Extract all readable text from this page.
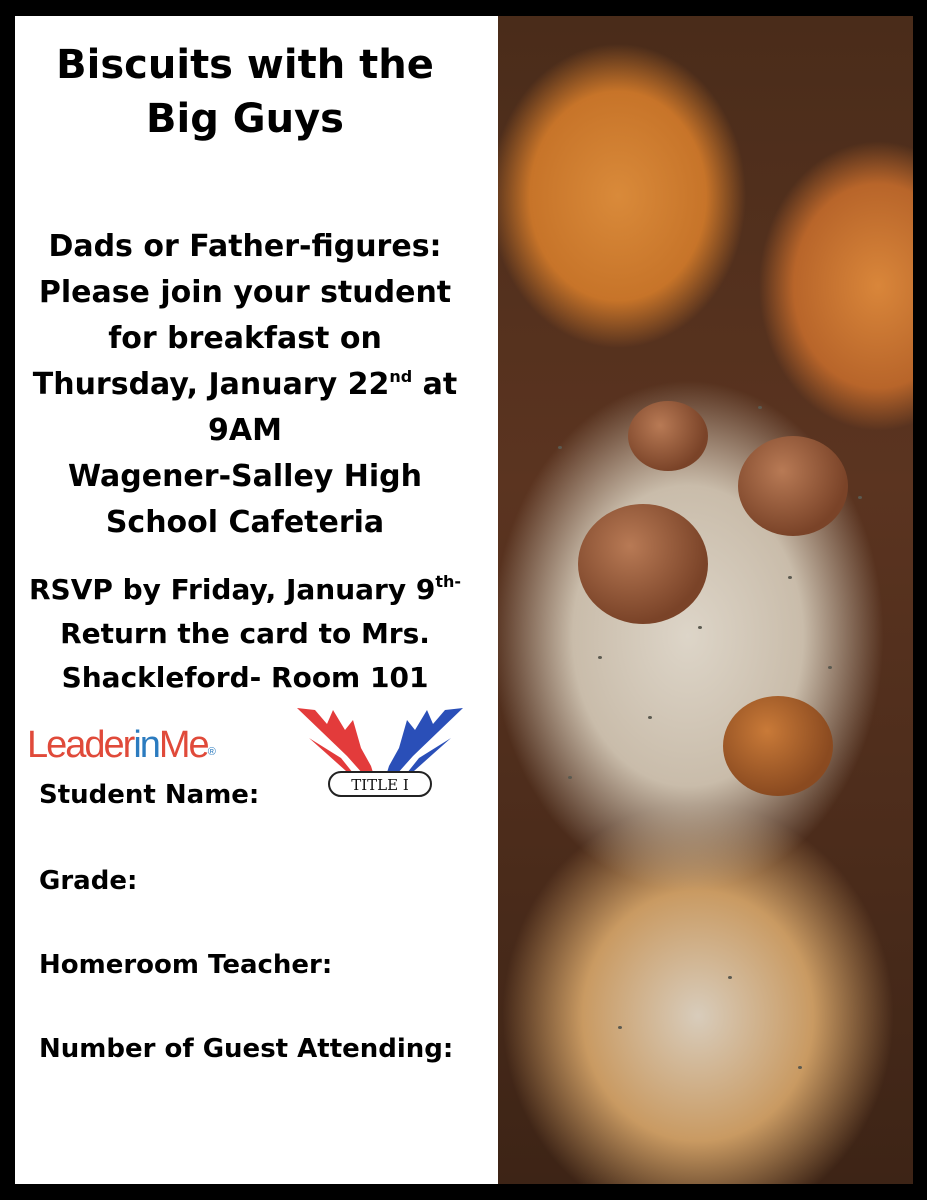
Biscuits with the
Big Guys
Dads or Father-figures:
Please join your student
for breakfast on
Thursday, January 22nd at
9AM
Wagener-Salley High
School Cafeteria
RSVP by Friday, January $9^{th-}$
Return the card to Mrs.
Shackleford- Room 101
LeaderinMe®
TITLE I
Student Name:
Grade:
Homeroom Teacher:
Number of Guest Attending:
